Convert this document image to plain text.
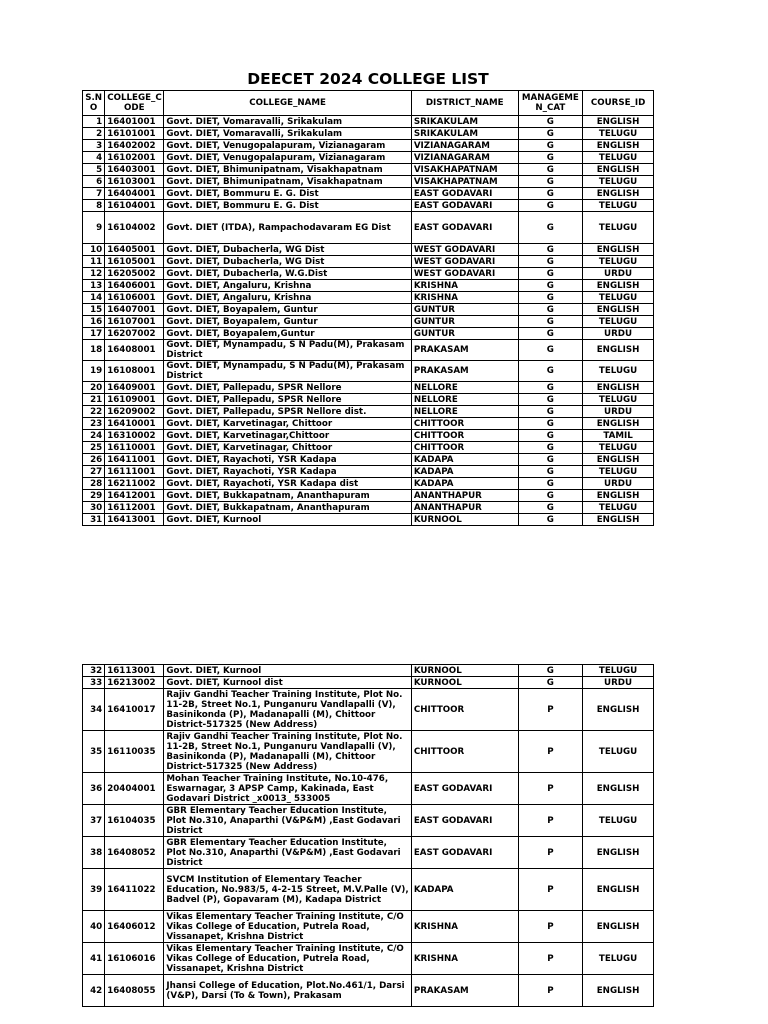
DEECET 2024 COLLEGE LIST
S.N O	COLLEGE_C ODE	COLLEGE_NAME	DISTRICT_NAME	MANAGEME N_CAT	COURSE_ID
1	16401001	Govt. DIET, Vomaravalli, Srikakulam	SRIKAKULAM	G	ENGLISH
2	16101001	Govt. DIET, Vomaravalli, Srikakulam	SRIKAKULAM	G	TELUGU
3	16402002	Govt. DIET, Venugopalapuram, Vizianagaram	VIZIANAGARAM	G	ENGLISH
4	16102001	Govt. DIET, Venugopalapuram, Vizianagaram	VIZIANAGARAM	G	TELUGU
5	16403001	Govt. DIET, Bhimunipatnam, Visakhapatnam	VISAKHAPATNAM	G	ENGLISH
6	16103001	Govt. DIET, Bhimunipatnam, Visakhapatnam	VISAKHAPATNAM	G	TELUGU
7	16404001	Govt. DIET, Bommuru E. G. Dist	EAST GODAVARI	G	ENGLISH
8	16104001	Govt. DIET, Bommuru E. G. Dist	EAST GODAVARI	G	TELUGU
9	16104002	Govt. DIET (ITDA), Rampachodavaram EG Dist	EAST GODAVARI	G	TELUGU
10	16405001	Govt. DIET, Dubacherla, WG Dist	WEST GODAVARI	G	ENGLISH
11	16105001	Govt. DIET, Dubacherla, WG Dist	WEST GODAVARI	G	TELUGU
12	16205002	Govt. DIET, Dubacherla, W.G.Dist	WEST GODAVARI	G	URDU
13	16406001	Govt. DIET, Angaluru, Krishna	KRISHNA	G	ENGLISH
14	16106001	Govt. DIET, Angaluru, Krishna	KRISHNA	G	TELUGU
15	16407001	Govt. DIET, Boyapalem, Guntur	GUNTUR	G	ENGLISH
16	16107001	Govt. DIET, Boyapalem, Guntur	GUNTUR	G	TELUGU
17	16207002	Govt. DIET, Boyapalem,Guntur	GUNTUR	G	URDU
18	16408001	Govt. DIET, Mynampadu, S N Padu(M), Prakasam District	PRAKASAM	G	ENGLISH
19	16108001	Govt. DIET, Mynampadu, S N Padu(M), Prakasam District	PRAKASAM	G	TELUGU
20	16409001	Govt. DIET, Pallepadu, SPSR Nellore	NELLORE	G	ENGLISH
21	16109001	Govt. DIET, Pallepadu, SPSR Nellore	NELLORE	G	TELUGU
22	16209002	Govt. DIET, Pallepadu, SPSR Nellore dist.	NELLORE	G	URDU
23	16410001	Govt. DIET, Karvetinagar, Chittoor	CHITTOOR	G	ENGLISH
24	16310002	Govt. DIET, Karvetinagar,Chittoor	CHITTOOR	G	TAMIL
25	16110001	Govt. DIET, Karvetinagar, Chittoor	CHITTOOR	G	TELUGU
26	16411001	Govt. DIET, Rayachoti, YSR Kadapa	KADAPA	G	ENGLISH
27	16111001	Govt. DIET, Rayachoti, YSR Kadapa	KADAPA	G	TELUGU
28	16211002	Govt. DIET, Rayachoti, YSR Kadapa dist	KADAPA	G	URDU
29	16412001	Govt. DIET, Bukkapatnam, Ananthapuram	ANANTHAPUR	G	ENGLISH
30	16112001	Govt. DIET, Bukkapatnam, Ananthapuram	ANANTHAPUR	G	TELUGU
31	16413001	Govt. DIET, Kurnool	KURNOOL	G	ENGLISH
32	16113001	Govt. DIET, Kurnool	KURNOOL	G	TELUGU
33	16213002	Govt. DIET, Kurnool dist	KURNOOL	G	URDU
34	16410017	Rajiv Gandhi Teacher Training Institute, Plot No. 11-2B, Street No.1, Punganuru Vandlapalli (V), Basinikonda (P), Madanapalli (M), Chittoor District-517325 (New Address)	CHITTOOR	P	ENGLISH
35	16110035	Rajiv Gandhi Teacher Training Institute, Plot No. 11-2B, Street No.1, Punganuru Vandlapalli (V), Basinikonda (P), Madanapalli (M), Chittoor District-517325 (New Address)	CHITTOOR	P	TELUGU
36	20404001	Mohan Teacher Training Institute, No.10-476, Eswarnagar, 3 APSP Camp, Kakinada, East Godavari District _x0013_ 533005	EAST GODAVARI	P	ENGLISH
37	16104035	GBR Elementary Teacher Education Institute, Plot No.310, Anaparthi (V&P&M) ,East Godavari District	EAST GODAVARI	P	TELUGU
38	16408052	GBR Elementary Teacher Education Institute, Plot No.310, Anaparthi (V&P&M) ,East Godavari District	EAST GODAVARI	P	ENGLISH
39	16411022	SVCM Institution of Elementary Teacher Education, No.983/5, 4-2-15 Street, M.V.Palle (V), Badvel (P), Gopavaram (M), Kadapa District	KADAPA	P	ENGLISH
40	16406012	Vikas Elementary Teacher Training Institute, C/O Vikas College of Education, Putrela Road, Vissanapet, Krishna District	KRISHNA	P	ENGLISH
41	16106016	Vikas Elementary Teacher Training Institute, C/O Vikas College of Education, Putrela Road, Vissanapet, Krishna District	KRISHNA	P	TELUGU
42	16408055	Jhansi College of Education, Plot.No.461/1, Darsi (V&P), Darsi (To & Town), Prakasam	PRAKASAM	P	ENGLISH
